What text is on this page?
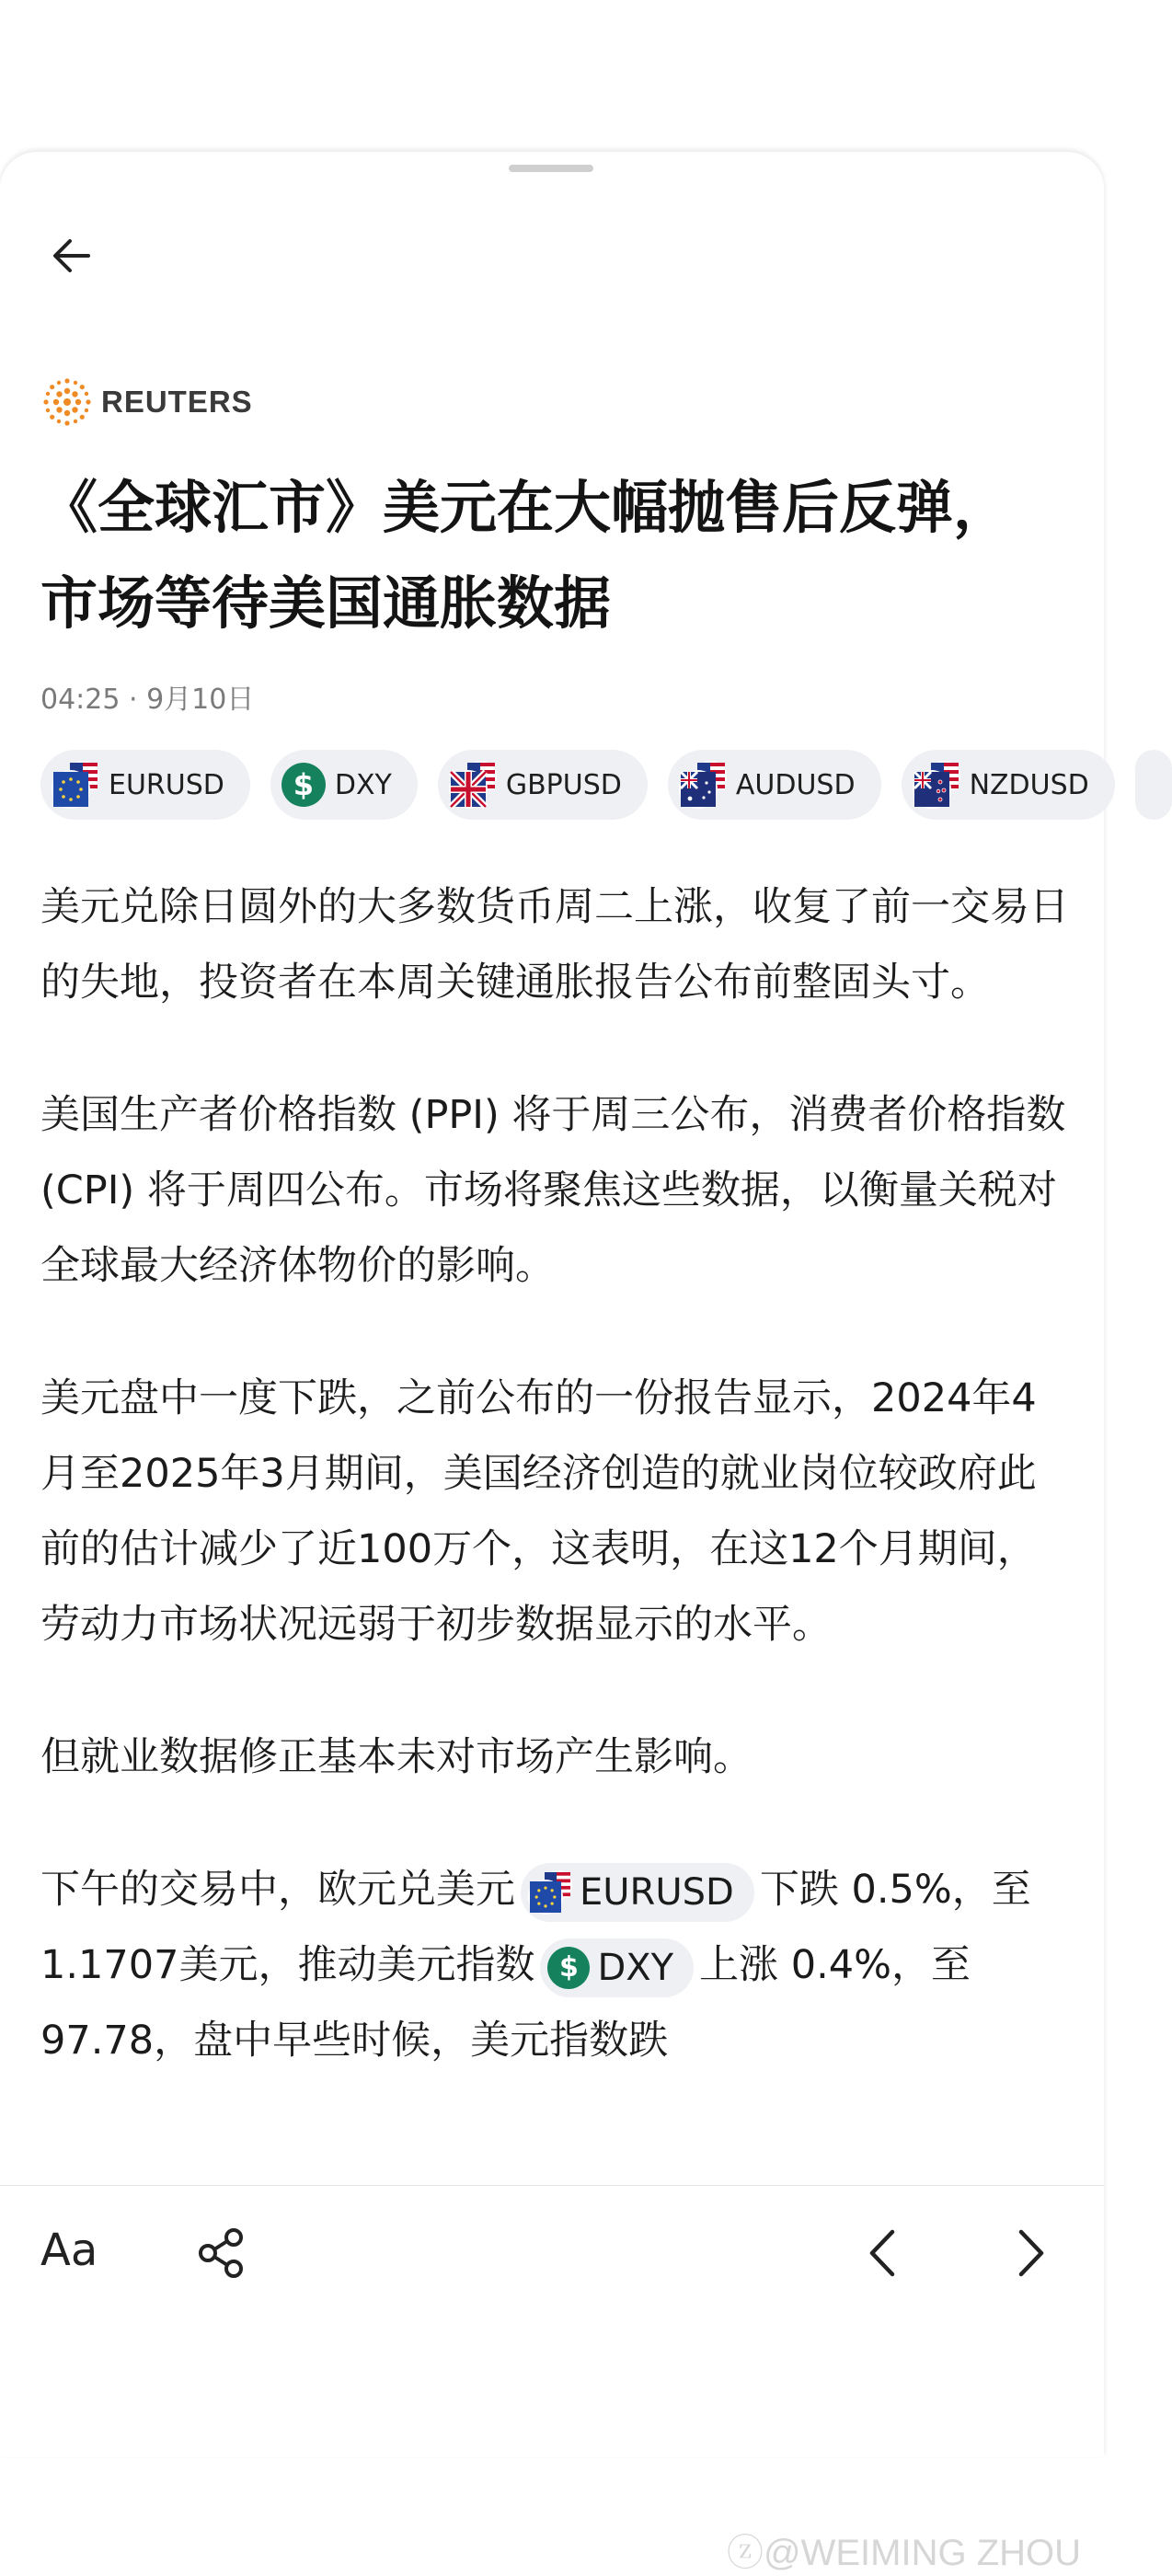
REUTERS
《全球汇市》美元在大幅抛售后反弹，市场等待美国通胀数据
04:25 · 9月10日
EURUSD	$ DXY	GBPUSD	AUDUSD	NZDUSD

美元兑除日圆外的大多数货币周二上涨，收复了前一交易日的失地，投资者在本周关键通胀报告公布前整固头寸。

美国生产者价格指数 (PPI) 将于周三公布，消费者价格指数 (CPI) 将于周四公布。市场将聚焦这些数据，以衡量关税对全球最大经济体物价的影响。

美元盘中一度下跌，之前公布的一份报告显示，2024年4月至2025年3月期间，美国经济创造的就业岗位较政府此前的估计减少了近100万个，这表明，在这12个月期间，劳动力市场状况远弱于初步数据显示的水平。

但就业数据修正基本未对市场产生影响。

下午的交易中，欧元兑美元 EURUSD 下跌 0.5%，至1.1707美元，推动美元指数 $ DXY 上涨 0.4%，至 97.78，盘中早些时候，美元指数跌

ⓩ@WEIMING ZHOU
Aa
